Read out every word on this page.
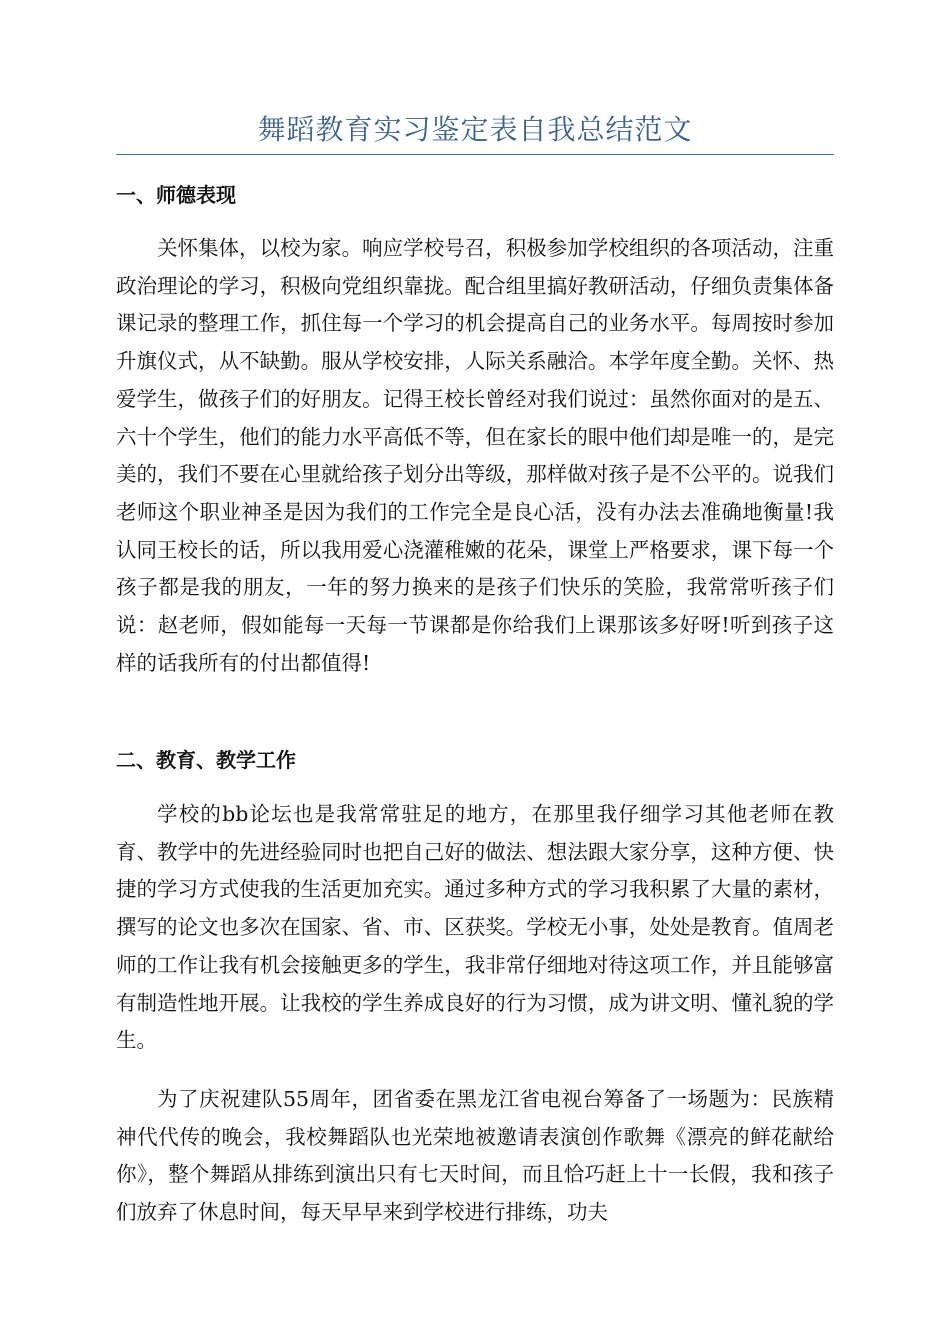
舞蹈教育实习鉴定表自我总结范文
一、师德表现

关怀集体，以校为家。响应学校号召，积极参加学校组织的各项活动，注重政治理论的学习，积极向党组织靠拢。配合组里搞好教研活动，仔细负责集体备课记录的整理工作，抓住每一个学习的机会提高自己的业务水平。每周按时参加升旗仪式，从不缺勤。服从学校安排，人际关系融洽。本学年度全勤。关怀、热爱学生，做孩子们的好朋友。记得王校长曾经对我们说过：虽然你面对的是五、六十个学生，他们的能力水平高低不等，但在家长的眼中他们却是唯一的，是完美的，我们不要在心里就给孩子划分出等级，那样做对孩子是不公平的。说我们老师这个职业神圣是因为我们的工作完全是良心活，没有办法去准确地衡量!我认同王校长的话，所以我用爱心浇灌稚嫩的花朵，课堂上严格要求，课下每一个孩子都是我的朋友，一年的努力换来的是孩子们快乐的笑脸，我常常听孩子们说：赵老师，假如能每一天每一节课都是你给我们上课那该多好呀!听到孩子这样的话我所有的付出都值得!

二、教育、教学工作

学校的bb论坛也是我常常驻足的地方，在那里我仔细学习其他老师在教育、教学中的先进经验同时也把自己好的做法、想法跟大家分享，这种方便、快捷的学习方式使我的生活更加充实。通过多种方式的学习我积累了大量的素材，撰写的论文也多次在国家、省、市、区获奖。学校无小事，处处是教育。值周老师的工作让我有机会接触更多的学生，我非常仔细地对待这项工作，并且能够富有制造性地开展。让我校的学生养成良好的行为习惯，成为讲文明、懂礼貌的学生。

为了庆祝建队55周年，团省委在黑龙江省电视台筹备了一场题为：民族精神代代传的晚会，我校舞蹈队也光荣地被邀请表演创作歌舞《漂亮的鲜花献给你》，整个舞蹈从排练到演出只有七天时间，而且恰巧赶上十一长假，我和孩子们放弃了休息时间，每天早早来到学校进行排练，功夫
